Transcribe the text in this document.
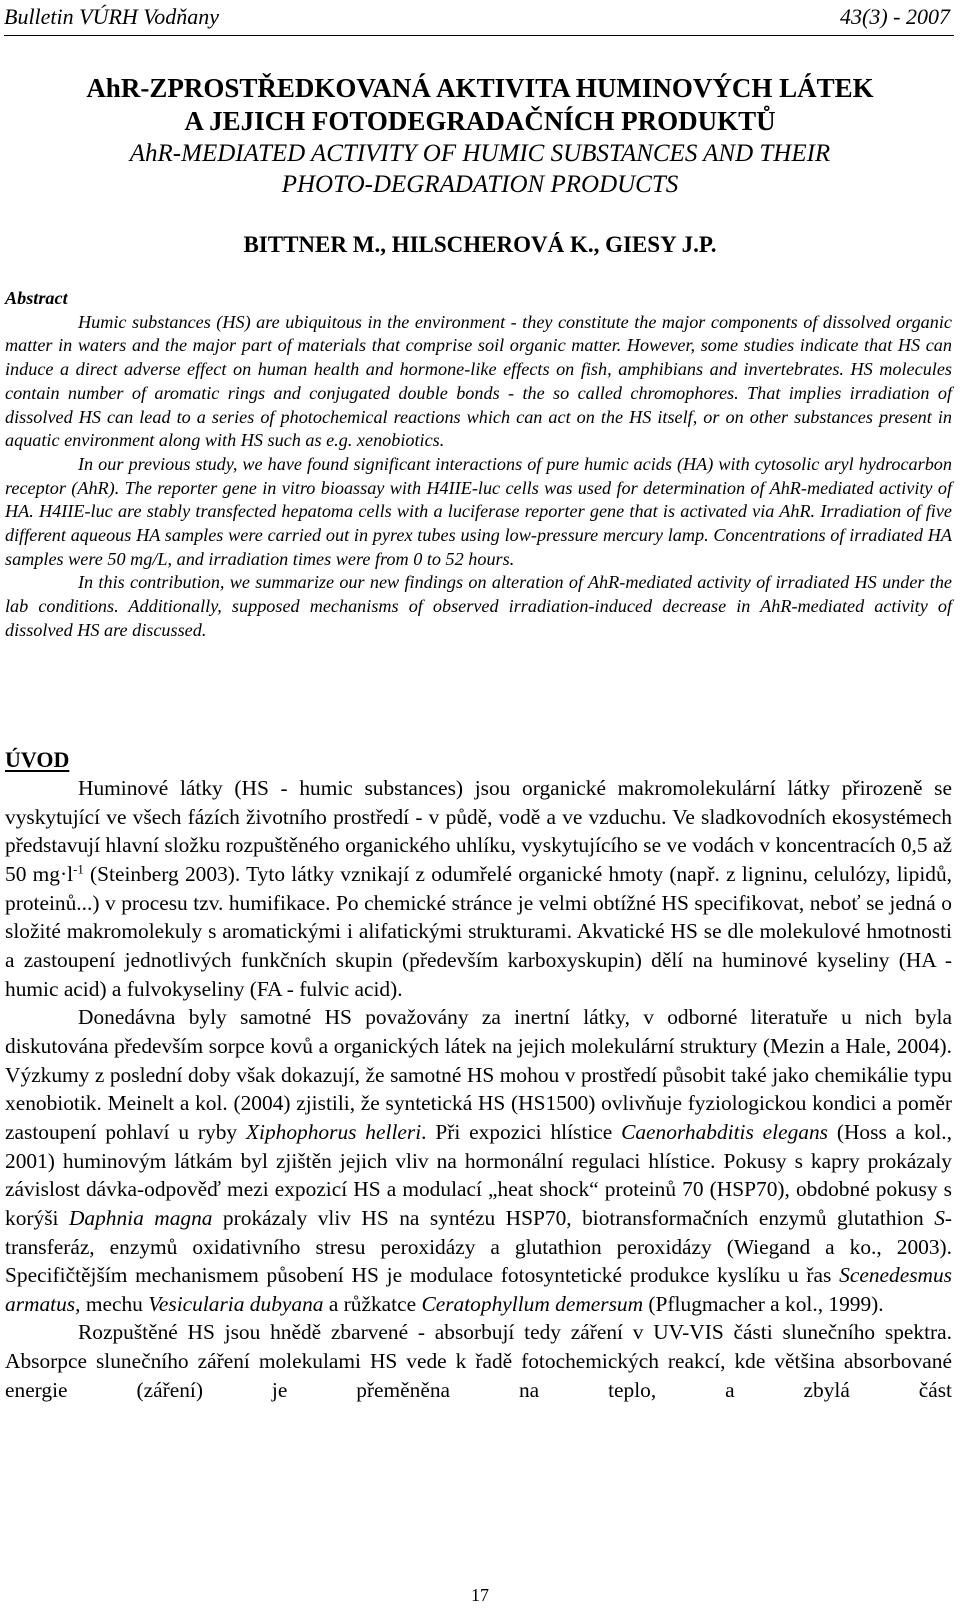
Bulletin VÚRH Vodňany	43(3) - 2007
AhR-ZPROSTŘEDKOVANÁ AKTIVITA HUMINOVÝCH LÁTEK
A JEJICH FOTODEGRADAČNÍCH PRODUKTŮ
AhR-MEDIATED ACTIVITY OF HUMIC SUBSTANCES AND THEIR
PHOTO-DEGRADATION PRODUCTS
BITTNER M., HILSCHEROVÁ K., GIESY J.P.
Abstract

Humic substances (HS) are ubiquitous in the environment - they constitute the major components of dissolved organic matter in waters and the major part of materials that comprise soil organic matter. However, some studies indicate that HS can induce a direct adverse effect on human health and hormone-like effects on fish, amphibians and invertebrates. HS molecules contain number of aromatic rings and conjugated double bonds - the so called chromophores. That implies irradiation of dissolved HS can lead to a series of photochemical reactions which can act on the HS itself, or on other substances present in aquatic environment along with HS such as e.g. xenobiotics.

In our previous study, we have found significant interactions of pure humic acids (HA) with cytosolic aryl hydrocarbon receptor (AhR). The reporter gene in vitro bioassay with H4IIE-luc cells was used for determination of AhR-mediated activity of HA. H4IIE-luc are stably transfected hepatoma cells with a luciferase reporter gene that is activated via AhR. Irradiation of five different aqueous HA samples were carried out in pyrex tubes using low-pressure mercury lamp. Concentrations of irradiated HA samples were 50 mg/L, and irradiation times were from 0 to 52 hours.

In this contribution, we summarize our new findings on alteration of AhR-mediated activity of irradiated HS under the lab conditions. Additionally, supposed mechanisms of observed irradiation-induced decrease in AhR-mediated activity of dissolved HS are discussed.

ÚVOD

Huminové látky (HS - humic substances) jsou organické makromolekulární látky přirozeně se vyskytující ve všech fázích životního prostředí - v půdě, vodě a ve vzduchu. Ve sladkovodních ekosystémech představují hlavní složku rozpuštěného organického uhlíku, vyskytujícího se ve vodách v koncentracích 0,5 až 50 $mg\cdot l^{-1}$ (Steinberg 2003). Tyto látky vznikají z odumřelé organické hmoty (např. z ligninu, celulózy, lipidů, proteinů...) v procesu tzv. humifikace. Po chemické stránce je velmi obtížné HS specifikovat, neboť se jedná o složité makromolekuly s aromatickými i alifatickými strukturami. Akvatické HS se dle molekulové hmotnosti a zastoupení jednotlivých funkčních skupin (především karboxyskupin) dělí na huminové kyseliny (HA - humic acid) a fulvokyseliny (FA - fulvic acid).

Donedávna byly samotné HS považovány za inertní látky, v odborné literatuře u nich byla diskutována především sorpce kovů a organických látek na jejich molekulární struktury (Mezin a Hale, 2004). Výzkumy z poslední doby však dokazují, že samotné HS mohou v prostředí působit také jako chemikálie typu xenobiotik. Meinelt a kol. (2004) zjistili, že syntetická HS (HS1500) ovlivňuje fyziologickou kondici a poměr zastoupení pohlaví u ryby Xiphophorus helleri. Při expozici hlístice Caenorhabditis elegans (Hoss a kol., 2001) huminovým látkám byl zjištěn jejich vliv na hormonální regulaci hlístice. Pokusy s kapry prokázaly závislost dávka-odpověď mezi expozicí HS a modulací „heat shock“ proteinů 70 (HSP70), obdobné pokusy s korýši Daphnia magna prokázaly vliv HS na syntézu HSP70, biotransformačních enzymů glutathion S-transferáz, enzymů oxidativního stresu peroxidázy a glutathion peroxidázy (Wiegand a ko., 2003). Specifičtějším mechanismem působení HS je modulace fotosyntetické produkce kyslíku u řas Scenedesmus armatus, mechu Vesicularia dubyana a růžkatce Ceratophyllum demersum (Pflugmacher a kol., 1999).

Rozpuštěné HS jsou hnědě zbarvené - absorbují tedy záření v UV-VIS části slunečního spektra. Absorpce slunečního záření molekulami HS vede k řadě fotochemických reakcí, kde většina absorbované energie (záření) je přeměněna na teplo, a zbylá část

17
